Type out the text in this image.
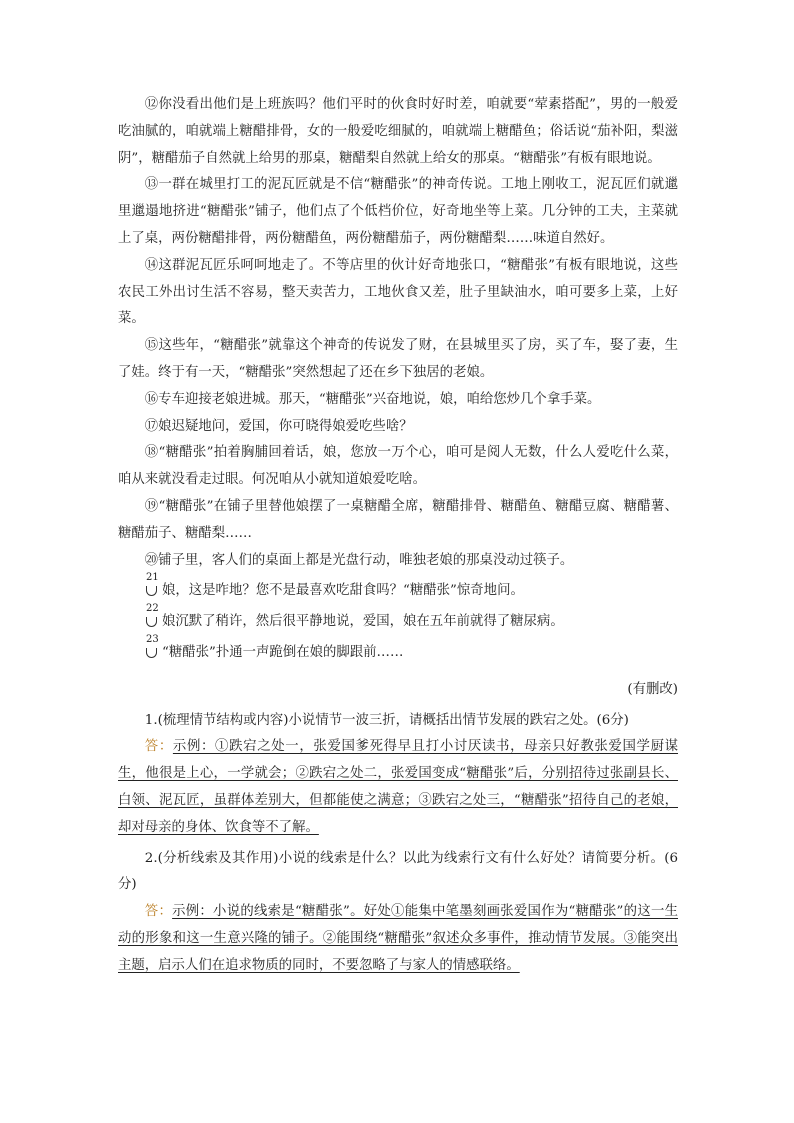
⑫你没看出他们是上班族吗？他们平时的伙食时好时差，咱就要“荤素搭配”，男的一般爱吃油腻的，咱就端上糖醋排骨，女的一般爱吃细腻的，咱就端上糖醋鱼；俗话说“茄补阳，梨滋阴”，糖醋茄子自然就上给男的那桌，糖醋梨自然就上给女的那桌。“糖醋张”有板有眼地说。

⑬一群在城里打工的泥瓦匠就是不信“糖醋张”的神奇传说。工地上刚收工，泥瓦匠们就邋里邋遢地挤进“糖醋张”铺子，他们点了个低档价位，好奇地坐等上菜。几分钟的工夫，主菜就上了桌，两份糖醋排骨，两份糖醋鱼，两份糖醋茄子，两份糖醋梨……味道自然好。

⑭这群泥瓦匠乐呵呵地走了。不等店里的伙计好奇地张口，“糖醋张”有板有眼地说，这些农民工外出讨生活不容易，整天卖苦力，工地伙食又差，肚子里缺油水，咱可要多上菜，上好菜。

⑮这些年，“糖醋张”就靠这个神奇的传说发了财，在县城里买了房，买了车，娶了妻，生了娃。终于有一天，“糖醋张”突然想起了还在乡下独居的老娘。

⑯专车迎接老娘进城。那天，“糖醋张”兴奋地说，娘，咱给您炒几个拿手菜。

⑰娘迟疑地问，爱国，你可晓得娘爱吃些啥？

⑱“糖醋张”拍着胸脯回着话，娘，您放一万个心，咱可是阅人无数，什么人爱吃什么菜，咱从来就没看走过眼。何况咱从小就知道娘爱吃啥。

⑲“糖醋张”在铺子里替他娘摆了一桌糖醋全席，糖醋排骨、糖醋鱼、糖醋豆腐、糖醋薯、糖醋茄子、糖醋梨……

⑳铺子里，客人们的桌面上都是光盘行动，唯独老娘的那桌没动过筷子。

21
娘，这是咋地？您不是最喜欢吃甜食吗？“糖醋张”惊奇地问。
22
娘沉默了稍许，然后很平静地说，爱国，娘在五年前就得了糖尿病。
23
“糖醋张”扑通一声跪倒在娘的脚跟前……
(有删改)

1.(梳理情节结构或内容)小说情节一波三折，请概括出情节发展的跌宕之处。(6分)

答：示例：①跌宕之处一，张爱国爹死得早且打小讨厌读书，母亲只好教张爱国学厨谋生，他很是上心，一学就会；②跌宕之处二，张爱国变成“糖醋张”后，分别招待过张副县长、白领、泥瓦匠，虽群体差别大，但都能使之满意；③跌宕之处三，“糖醋张”招待自己的老娘，却对母亲的身体、饮食等不了解。

2.(分析线索及其作用)小说的线索是什么？以此为线索行文有什么好处？请简要分析。(6分)

答：示例：小说的线索是“糖醋张”。好处①能集中笔墨刻画张爱国作为“糖醋张”的这一生动的形象和这一生意兴隆的铺子。②能围绕“糖醋张”叙述众多事件，推动情节发展。③能突出主题，启示人们在追求物质的同时，不要忽略了与家人的情感联络。
